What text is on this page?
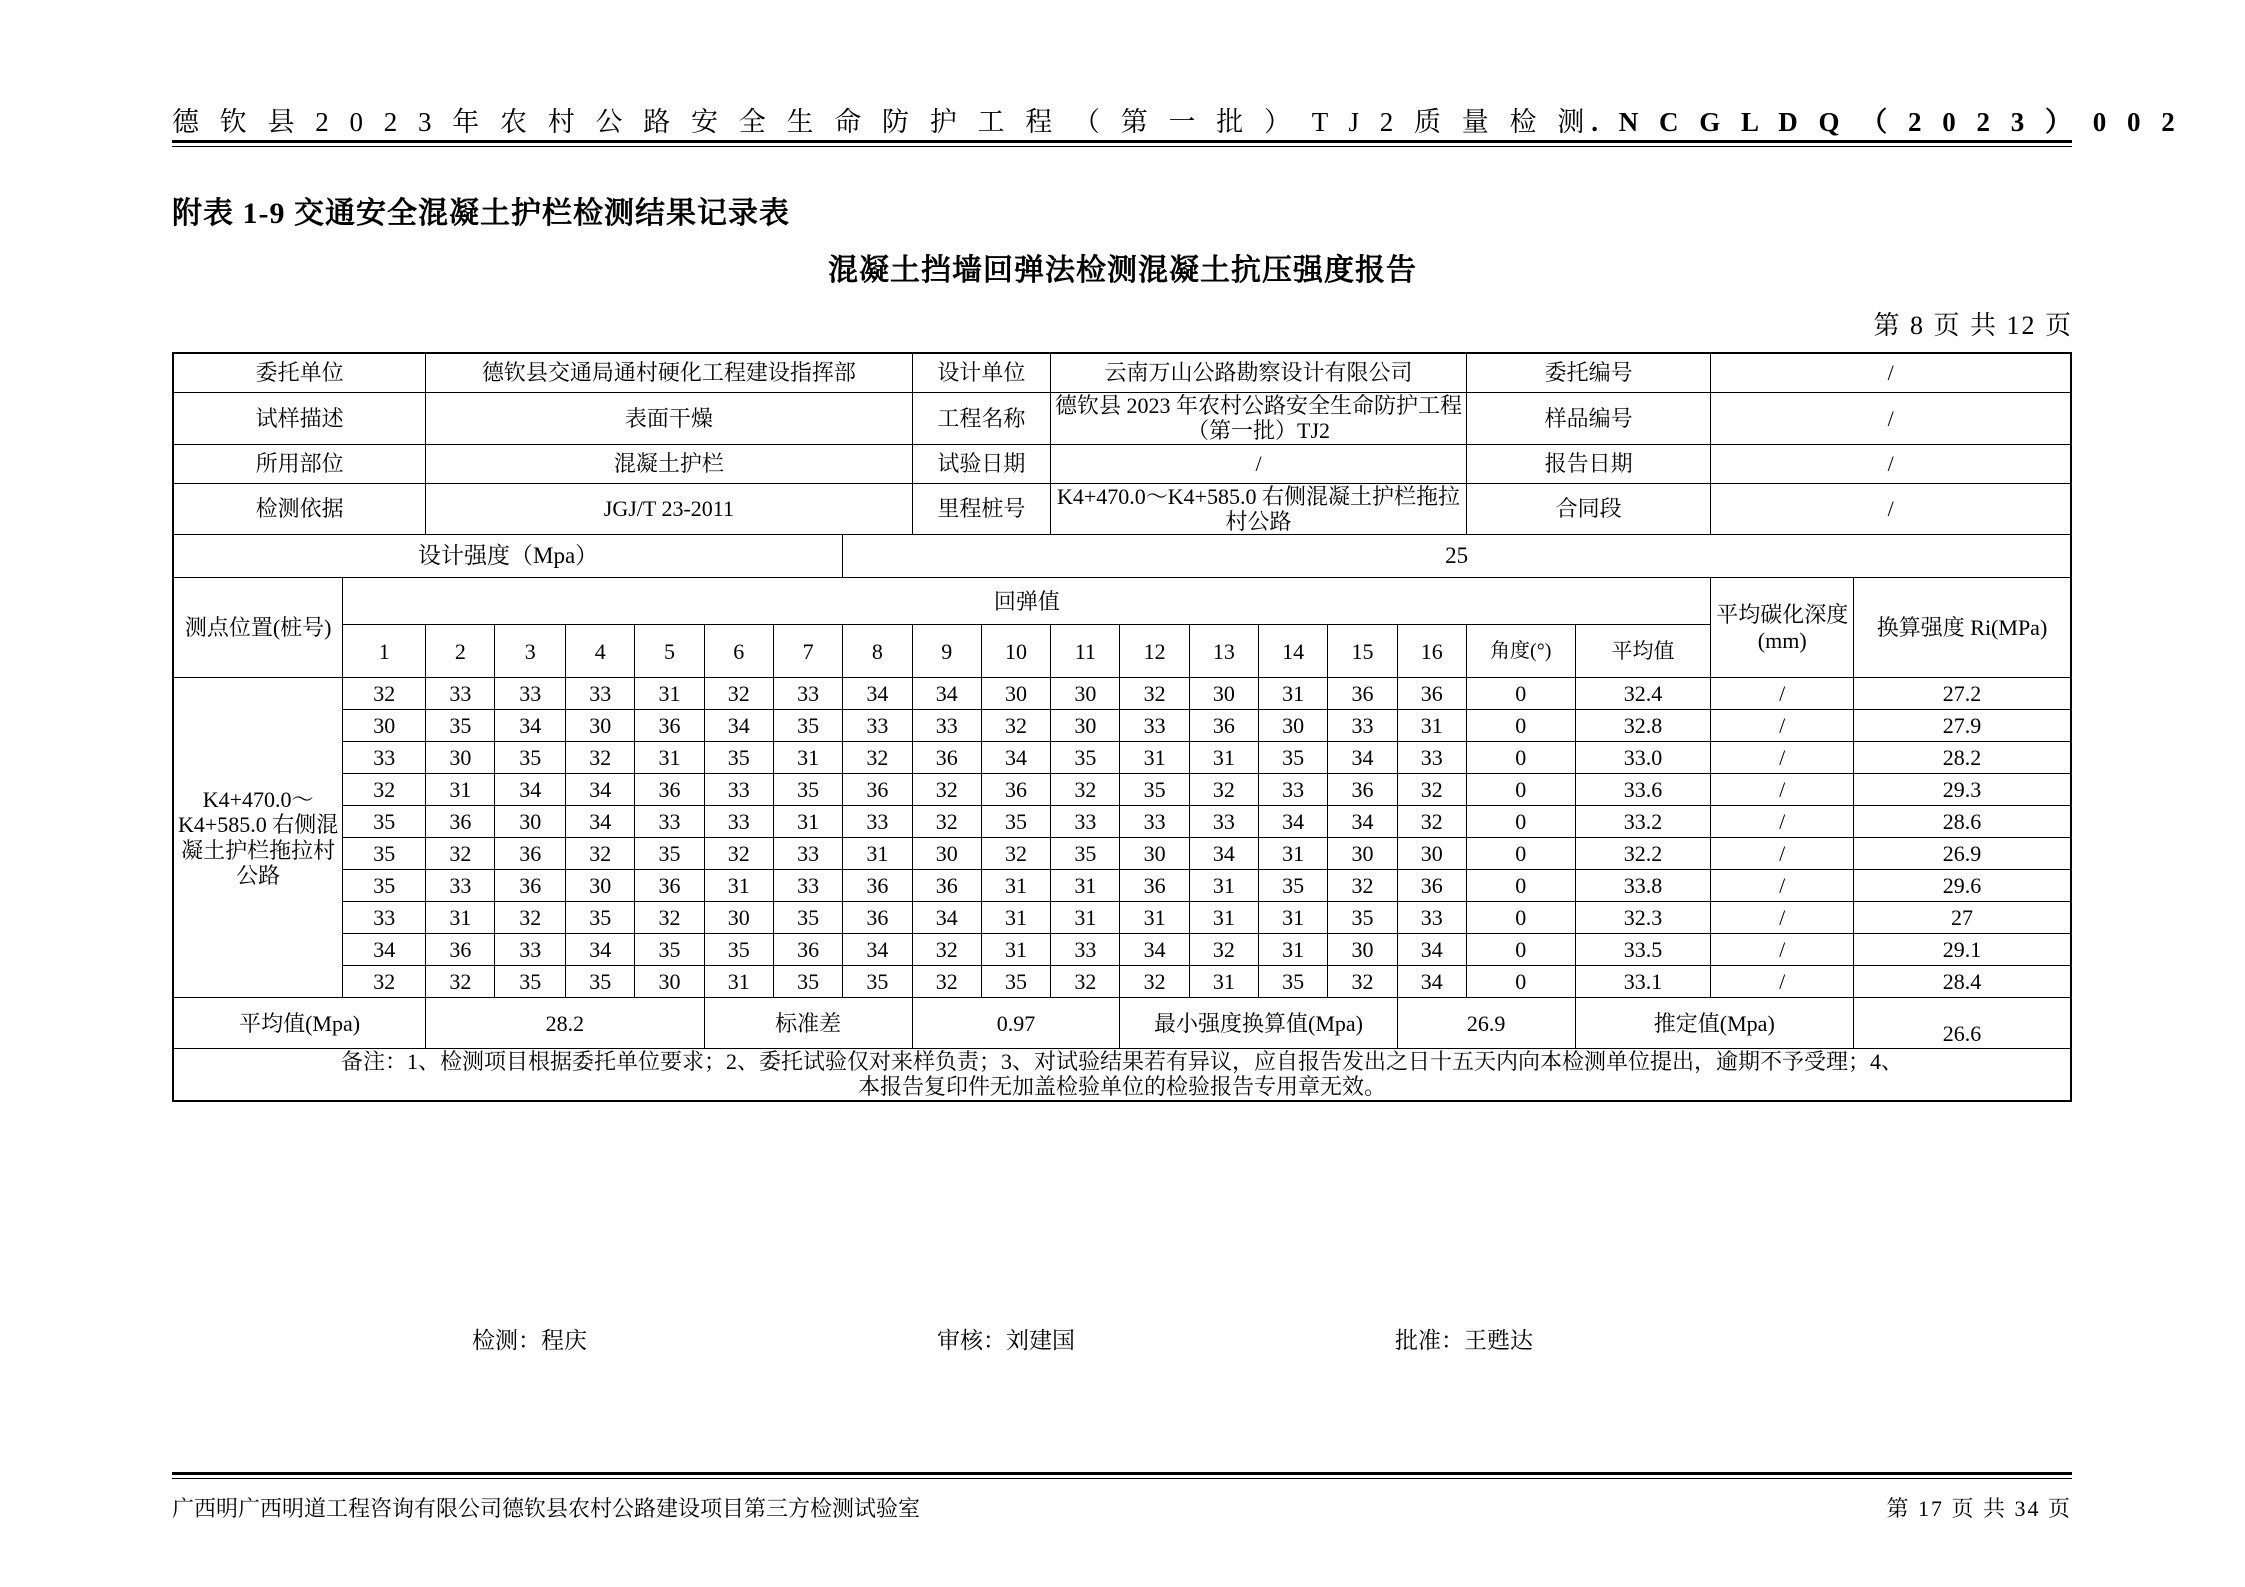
德 钦 县 2 0 2 3 年 农 村 公 路 安 全 生 命 防 护 工 程 （ 第 一 批 ） T J 2 质 量 检 测 . N C G L D Q （ 2 0 2 3 ） 0 0 2
附表 1-9 交通安全混凝土护栏检测结果记录表
混凝土挡墙回弹法检测混凝土抗压强度报告
第 8 页 共 12 页
委托单位		德钦县交通局通村硬化工程建设指挥部							设计单位		云南万山公路勘察设计有限公司						委托编号		/	
试样描述		表面干燥							工程名称		德钦县 2023 年农村公路安全生命防护工程（第一批）TJ2						样品编号		/	
所用部位		混凝土护栏							试验日期		/						报告日期		/	
检测依据		JGJ/T 23-2011							里程桩号		K4+470.0～K4+585.0 右侧混凝土护栏拖拉村公路						合同段		/	
设计强度（Mpa）								25												
测点位置(桩号)	回弹值																		平均碳化深度(mm)	换算强度 Ri(MPa)
	1	2	3	4	5	6	7	8	9	10	11	12	13	14	15	16	角度(°)	平均值		
K4+470.0～
K4+585.0 右侧混
凝土护栏拖拉村
公路	32	33	33	33	31	32	33	34	34	30	30	32	30	31	36	36	0	32.4	/	27.2
	30	35	34	30	36	34	35	33	33	32	30	33	36	30	33	31	0	32.8	/	27.9
	33	30	35	32	31	35	31	32	36	34	35	31	31	35	34	33	0	33.0	/	28.2
	32	31	34	34	36	33	35	36	32	36	32	35	32	33	36	32	0	33.6	/	29.3
	35	36	30	34	33	33	31	33	32	35	33	33	33	34	34	32	0	33.2	/	28.6
	35	32	36	32	35	32	33	31	30	32	35	30	34	31	30	30	0	32.2	/	26.9
	35	33	36	30	36	31	33	36	36	31	31	36	31	35	32	36	0	33.8	/	29.6
	33	31	32	35	32	30	35	36	34	31	31	31	31	31	35	33	0	32.3	/	27
	34	36	33	34	35	35	36	34	32	31	33	34	32	31	30	34	0	33.5	/	29.1
	32	32	35	35	30	31	35	35	32	35	32	32	31	35	32	34	0	33.1	/	28.4
平均值(Mpa)		28.2				标准差			0.97			最小强度换算值(Mpa)				26.9		推定值(Mpa)		26.6

备注：1、检测项目根据委托单位要求；2、委托试验仅对来样负责；3、对试验结果若有异议，应自报告发出之日十五天内向本检测单位提出，逾期不予受理；4、
本报告复印件无加盖检验单位的检验报告专用章无效。																				
检测：程庆	审核：刘建国	批准：王甦达
广西明广西明道工程咨询有限公司德钦县农村公路建设项目第三方检测试验室	第 17 页 共 34 页
